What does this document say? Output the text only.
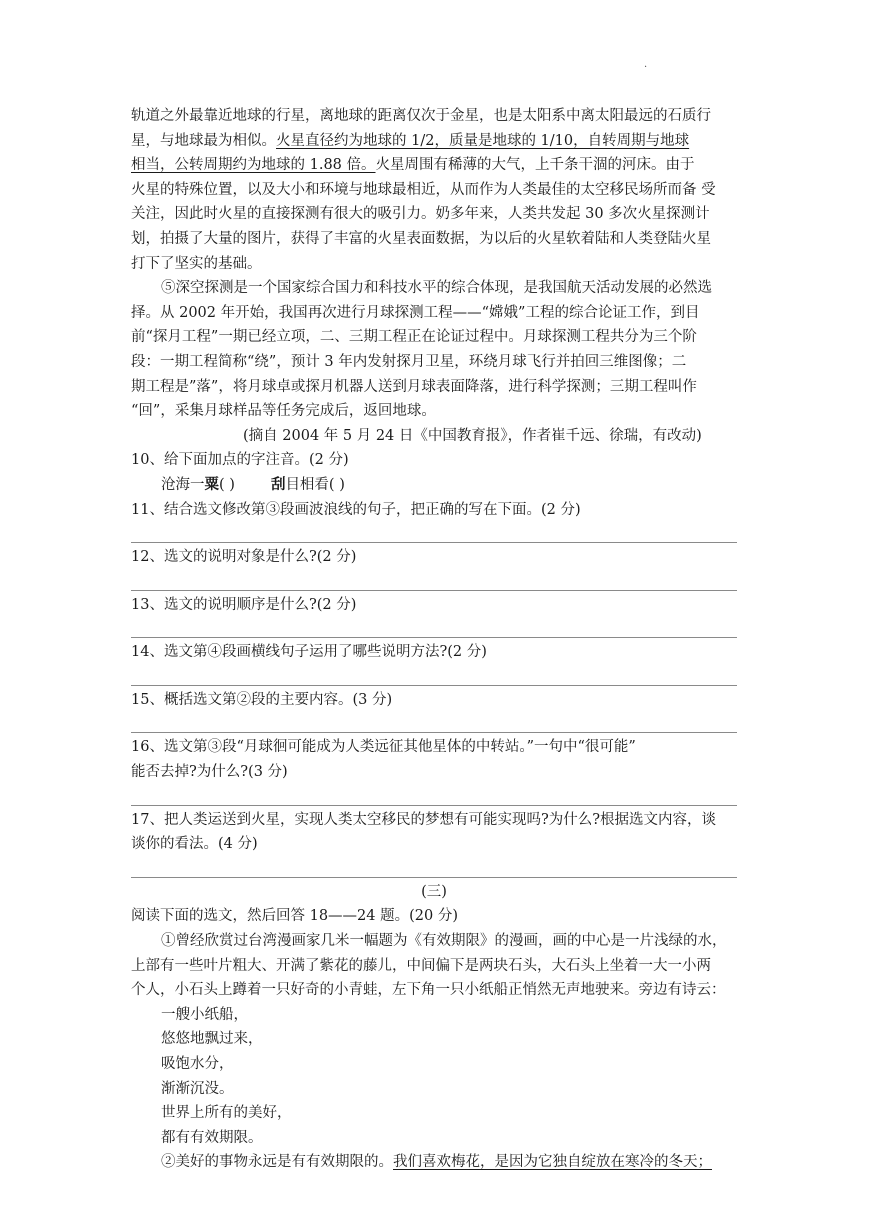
·
轨道之外最靠近地球的行星，离地球的距离仅次于金星，也是太阳系中离太阳最远的石质行
星，与地球最为相似。火星直径约为地球的 1/2，质量是地球的 1/10，自转周期与地球
相当，公转周期约为地球的 1.88 倍。火星周围有稀薄的大气，上千条干涸的河床。由于
火星的特殊位置，以及大小和环境与地球最相近，从而作为人类最佳的太空移民场所而备 受
关注，因此时火星的直接探测有很大的吸引力。奶多年来，人类共发起 30 多次火星探测计
划，拍摄了大量的图片，获得了丰富的火星表面数据，为以后的火星软着陆和人类登陆火星
打下了坚实的基础。
⑤深空探测是一个国家综合国力和科技水平的综合体现，是我国航天活动发展的必然选
择。从 2002 年开始，我国再次进行月球探测工程——“嫦娥”工程的综合论证工作，到目
前“探月工程”一期已经立项，二、三期工程正在论证过程中。月球探测工程共分为三个阶
段：一期工程简称“绕”，预计 3 年内发射探月卫星，环绕月球飞行并拍回三维图像；二
期工程是”落”，将月球卓或探月机器人送到月球表面降落，进行科学探测；三期工程叫作
“回”，采集月球样品等任务完成后，返回地球。
(摘自 2004 年 5 月 24 日《中国教育报》，作者崔千远、徐瑞，有改动)
10、给下面加点的字注音。(2 分)
沧海一粟( ) 刮目相看( )
11、结合选文修改第③段画波浪线的句子，把正确的写在下面。(2 分)
12、选文的说明对象是什么?(2 分)
13、选文的说明顺序是什么?(2 分)
14、选文第④段画横线句子运用了哪些说明方法?(2 分)
15、概括选文第②段的主要内容。(3 分)
16、选文第③段“月球徊可能成为人类远征其他星体的中转站。”一句中“很可能”
能否去掉?为什么?(3 分)
17、把人类运送到火星，实现人类太空移民的梦想有可能实现吗?为什么?根据选文内容，谈
谈你的看法。(4 分)
(三)
阅读下面的选文，然后回答 18——24 题。(20 分)
①曾经欣赏过台湾漫画家几米一幅题为《有效期限》的漫画，画的中心是一片浅绿的水，
上部有一些叶片粗大、开满了紫花的藤儿，中间偏下是两块石头，大石头上坐着一大一小两
个人，小石头上蹲着一只好奇的小青蛙，左下角一只小纸船正悄然无声地驶来。旁边有诗云：
一艘小纸船，
悠悠地飘过来，
吸饱水分，
渐渐沉没。
世界上所有的美好，
都有有效期限。
②美好的事物永远是有有效期限的。我们喜欢梅花，是因为它独自绽放在寒冷的冬天；
